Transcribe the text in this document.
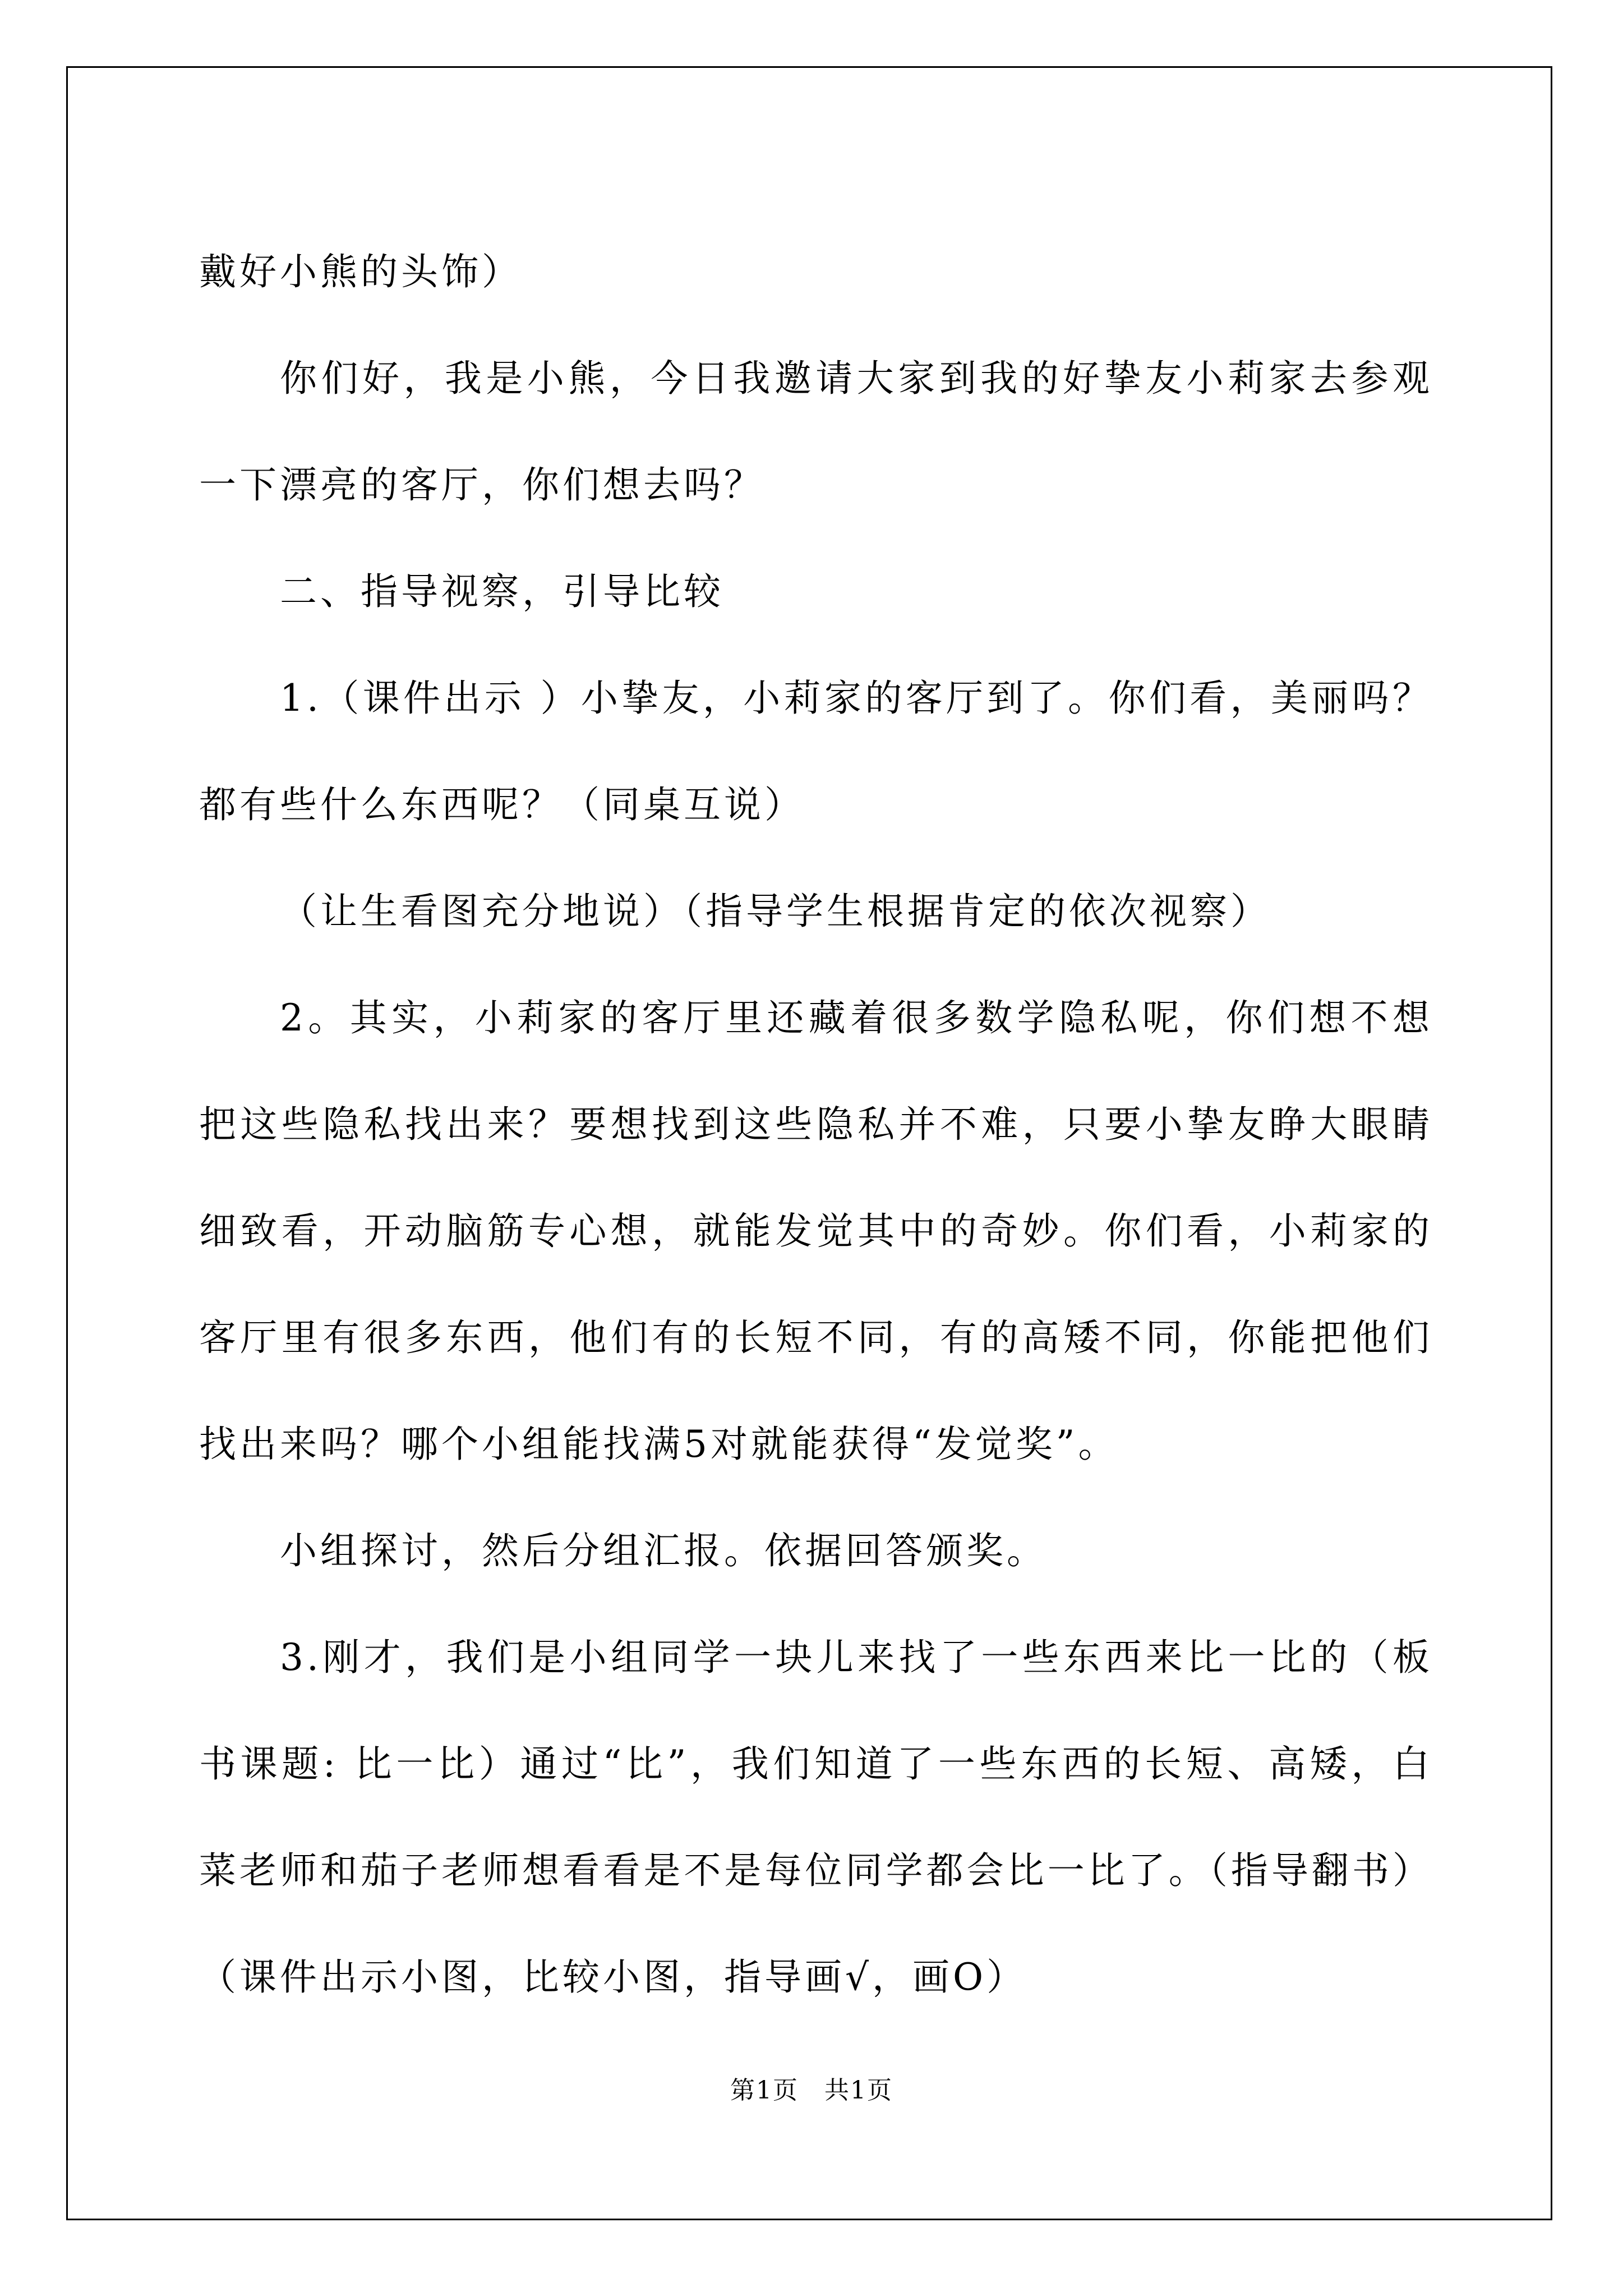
戴好小熊的头饰）

你们好，我是小熊，今日我邀请大家到我的好挚友小莉家去参观一下漂亮的客厅，你们想去吗？

二、指导视察，引导比较

1.（课件出示 ）小挚友，小莉家的客厅到了。你们看，美丽吗？都有些什么东西呢？（同桌互说）

（让生看图充分地说）（指导学生根据肯定的依次视察）

2。其实，小莉家的客厅里还藏着很多数学隐私呢，你们想不想把这些隐私找出来？要想找到这些隐私并不难，只要小挚友睁大眼睛细致看，开动脑筋专心想，就能发觉其中的奇妙。你们看，小莉家的客厅里有很多东西，他们有的长短不同，有的高矮不同，你能把他们找出来吗？哪个小组能找满5对就能获得“发觉奖”。

小组探讨，然后分组汇报。依据回答颁奖。

3.刚才，我们是小组同学一块儿来找了一些东西来比一比的（板书课题: 比一比）通过“比”，我们知道了一些东西的长短、高矮，白菜老师和茄子老师想看看是不是每位同学都会比一比了。（指导翻书）（课件出示小图，比较小图，指导画√，画O）

第1页　共1页
